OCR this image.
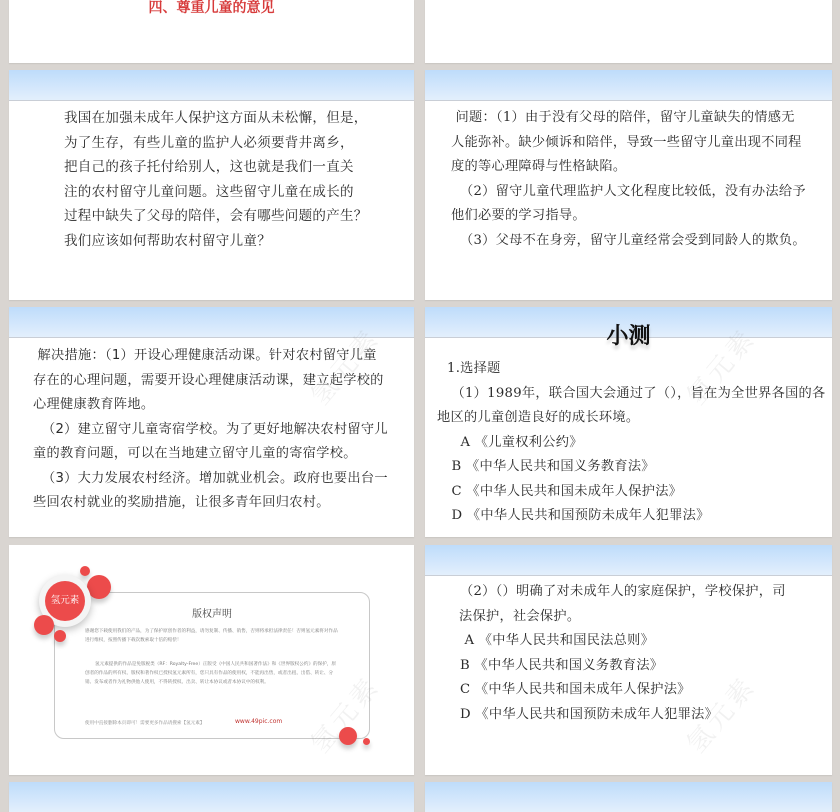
四、尊重儿童的意见
我国在加强未成年人保护这方面从未松懈，但是，
为了生存，有些儿童的监护人必须要背井离乡，
把自己的孩子托付给别人，这也就是我们一直关
注的农村留守儿童问题。这些留守儿童在成长的
过程中缺失了父母的陪伴，会有哪些问题的产生？
我们应该如何帮助农村留守儿童？
问题：（1）由于没有父母的陪伴，留守儿童缺失的情感无
人能弥补。缺少倾诉和陪伴，导致一些留守儿童出现不同程
度的等心理障碍与性格缺陷。
（2）留守儿童代理监护人文化程度比较低，没有办法给予
他们必要的学习指导。
（3）父母不在身旁，留守儿童经常会受到同龄人的欺负。
氢元素
解决措施：（1）开设心理健康活动课。针对农村留守儿童
存在的心理问题，需要开设心理健康活动课，建立起学校的
心理健康教育阵地。
（2）建立留守儿童寄宿学校。为了更好地解决农村留守儿
童的教育问题，可以在当地建立留守儿童的寄宿学校。
（3）大力发展农村经济。增加就业机会。政府也要出台一
些回农村就业的奖励措施，让很多青年回归农村。
小测	氢元素
1.选择题
（1）1989年，联合国大会通过了（），旨在为全世界各国的各
地区的儿童创造良好的成长环境。
A 《儿童权利公约》
B 《中华人民共和国义务教育法》
C 《中华人民共和国未成年人保护法》
D 《中华人民共和国预防未成年人犯罪法》
版权声明
感谢您下载使用我们的产品，为了保护原创作者的利益，请勿复制、传播、销售，否则将承担法律责任！否则氢元素将对作品进行维权，按照传播下载次数索取十倍的赔偿！
氢元素提供的作品是免版税类（RF：Royalty-Free）正版受《中国人民共和国著作法》和《世界版权公约》的保护，原创者的作品的所有权、版权和著作权已授权氢元素所有，您只具有作品的使用权，不能再出售，或者出租、出借、转让、分销、发布或者作为礼物供他人使用，不得转授权、出卖、转让本协议或者本协议中的权利。
使用中直接删除本页即可！需要更多作品请搜索【氢元素】	www.49pic.com
氢元素
氢元素
（2）（）明确了对未成年人的家庭保护，学校保护，司
法保护，社会保护。
A 《中华人民共和国民法总则》
B 《中华人民共和国义务教育法》
C 《中华人民共和国未成年人保护法》
D 《中华人民共和国预防未成年人犯罪法》
